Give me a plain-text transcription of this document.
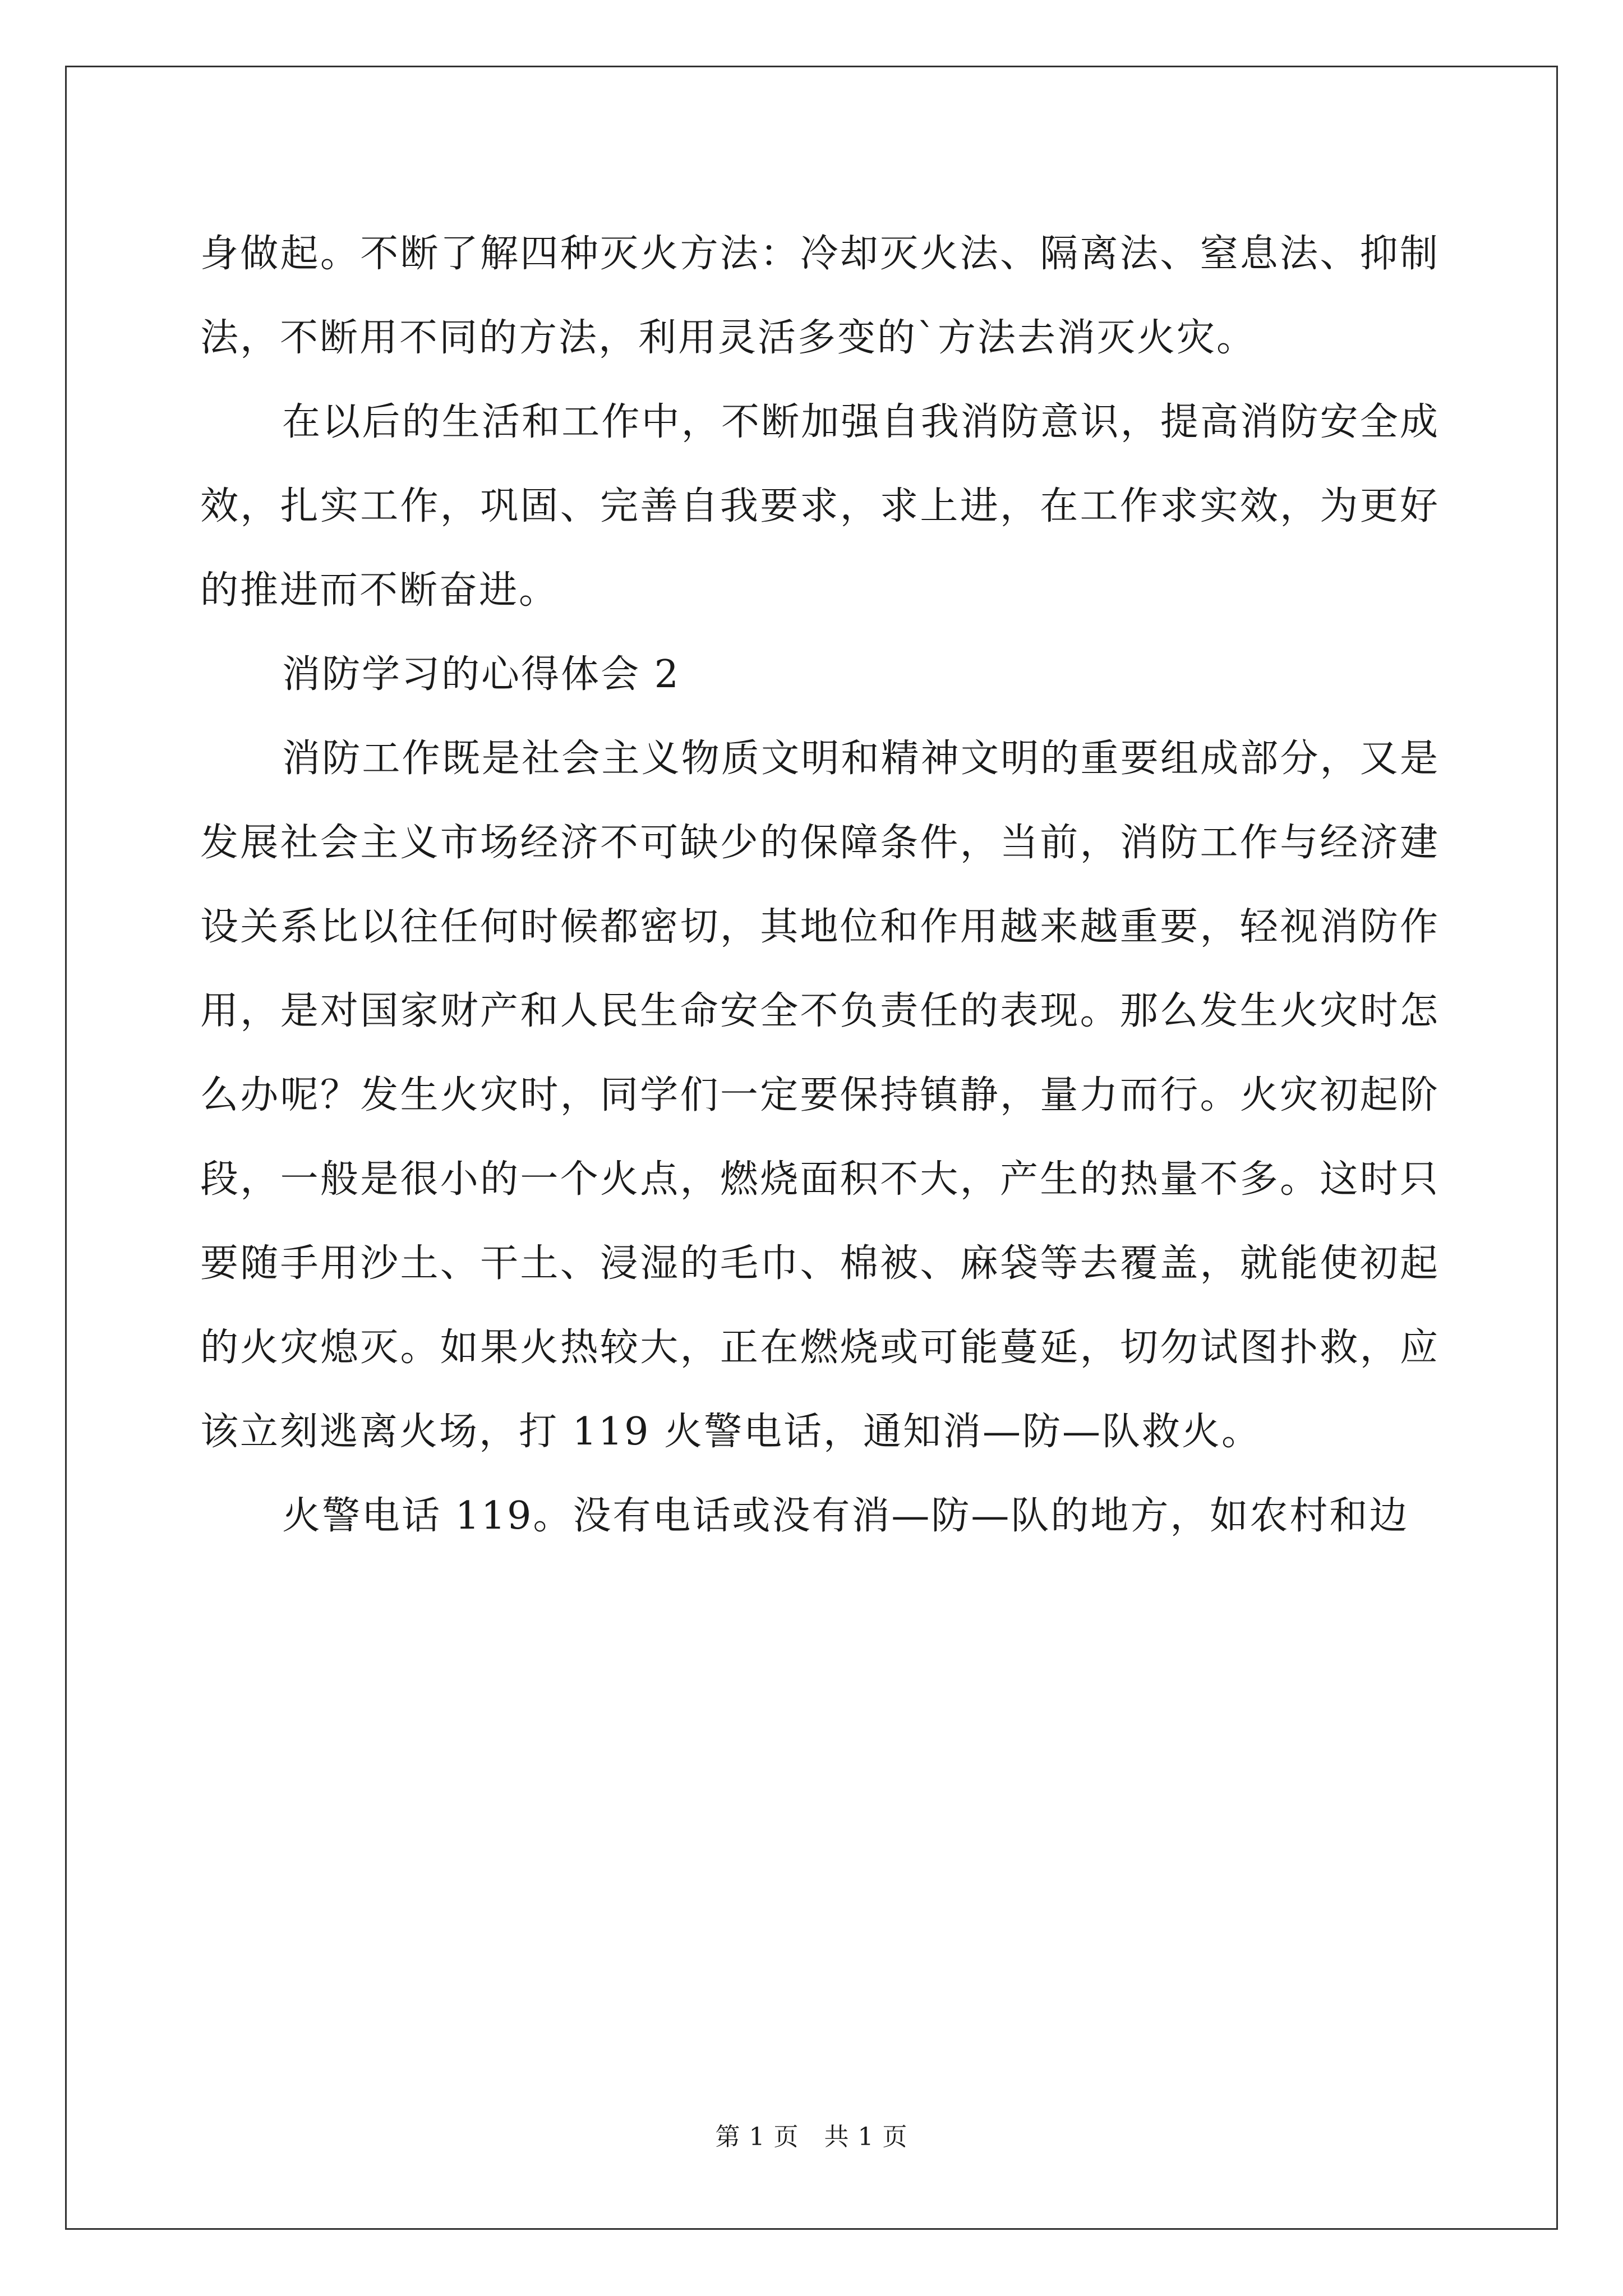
身做起。不断了解四种灭火方法：冷却灭火法、隔离法、窒息法、抑制法，不断用不同的方法，利用灵活多变的`方法去消灭火灾。

在以后的生活和工作中，不断加强自我消防意识，提高消防安全成效，扎实工作，巩固、完善自我要求，求上进，在工作求实效，为更好的推进而不断奋进。

消防学习的心得体会 2

消防工作既是社会主义物质文明和精神文明的重要组成部分，又是发展社会主义市场经济不可缺少的保障条件，当前，消防工作与经济建设关系比以往任何时候都密切，其地位和作用越来越重要，轻视消防作用，是对国家财产和人民生命安全不负责任的表现。那么发生火灾时怎么办呢？发生火灾时，同学们一定要保持镇静，量力而行。火灾初起阶段，一般是很小的一个火点，燃烧面积不大，产生的热量不多。这时只要随手用沙土、干土、浸湿的毛巾、棉被、麻袋等去覆盖，就能使初起的火灾熄灭。如果火热较大，正在燃烧或可能蔓延，切勿试图扑救，应该立刻逃离火场，打 119 火警电话，通知消—防—队救火。

火警电话 119。没有电话或没有消—防—队的地方，如农村和边

第 1 页　共 1 页
